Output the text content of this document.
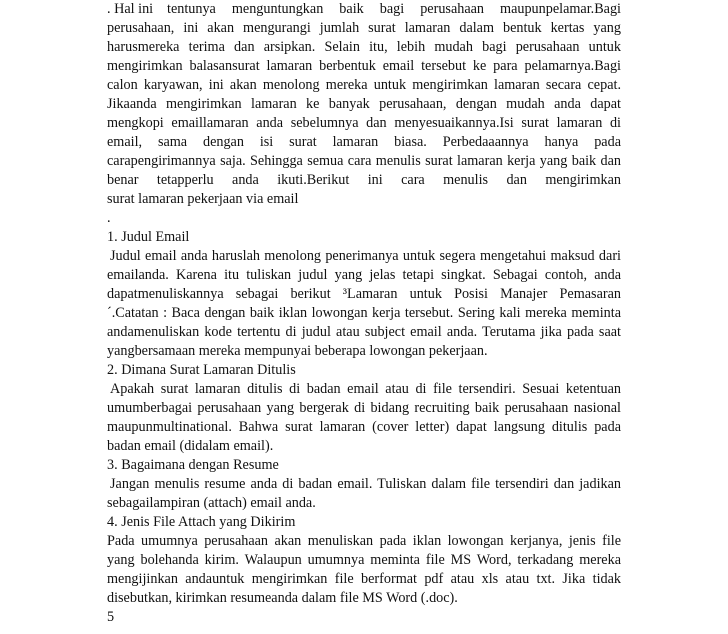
. Hal ini tentunya menguntungkan baik bagi perusahaan maupunpelamar.Bagi
perusahaan, ini akan mengurangi jumlah surat lamaran dalam bentuk kertas yang
harusmereka terima dan arsipkan. Selain itu, lebih mudah bagi perusahaan untuk
mengirimkan balasansurat lamaran berbentuk email tersebut ke para pelamarnya.Bagi
calon karyawan, ini akan menolong mereka untuk mengirimkan lamaran secara cepat.
Jikaanda mengirimkan lamaran ke banyak perusahaan, dengan mudah anda dapat
mengkopi emaillamaran anda sebelumnya dan menyesuaikannya.Isi surat lamaran di
email, sama dengan isi surat lamaran biasa. Perbedaaannya hanya pada
carapengirimannya saja. Sehingga semua cara menulis surat lamaran kerja yang baik dan
benar tetapperlu anda ikuti.Berikut ini cara menulis dan mengirimkan
surat lamaran pekerjaan via email
.
1. Judul Email
Judul email anda haruslah menolong penerimanya untuk segera mengetahui maksud dari
emailanda. Karena itu tuliskan judul yang jelas tetapi singkat. Sebagai contoh, anda
dapatmenuliskannya sebagai berikut ³Lamaran untuk Posisi Manajer Pemasaran
´.Catatan : Baca dengan baik iklan lowongan kerja tersebut. Sering kali mereka meminta
andamenuliskan kode tertentu di judul atau subject email anda. Terutama jika pada saat
yangbersamaan mereka mempunyai beberapa lowongan pekerjaan.
2. Dimana Surat Lamaran Ditulis
Apakah surat lamaran ditulis di badan email atau di file tersendiri. Sesuai ketentuan
umumberbagai perusahaan yang bergerak di bidang recruiting baik perusahaan nasional
maupunmultinational. Bahwa surat lamaran (cover letter) dapat langsung ditulis pada
badan email (didalam email).
3. Bagaimana dengan Resume
Jangan menulis resume anda di badan email. Tuliskan dalam file tersendiri dan jadikan
sebagailampiran (attach) email anda.
4. Jenis File Attach yang Dikirim
Pada umumnya perusahaan akan menuliskan pada iklan lowongan kerjanya, jenis file
yang bolehanda kirim. Walaupun umumnya meminta file MS Word, terkadang mereka
mengijinkan andauntuk mengirimkan file berformat pdf atau xls atau txt. Jika tidak
disebutkan, kirimkan resumeanda dalam file MS Word (.doc).
5
